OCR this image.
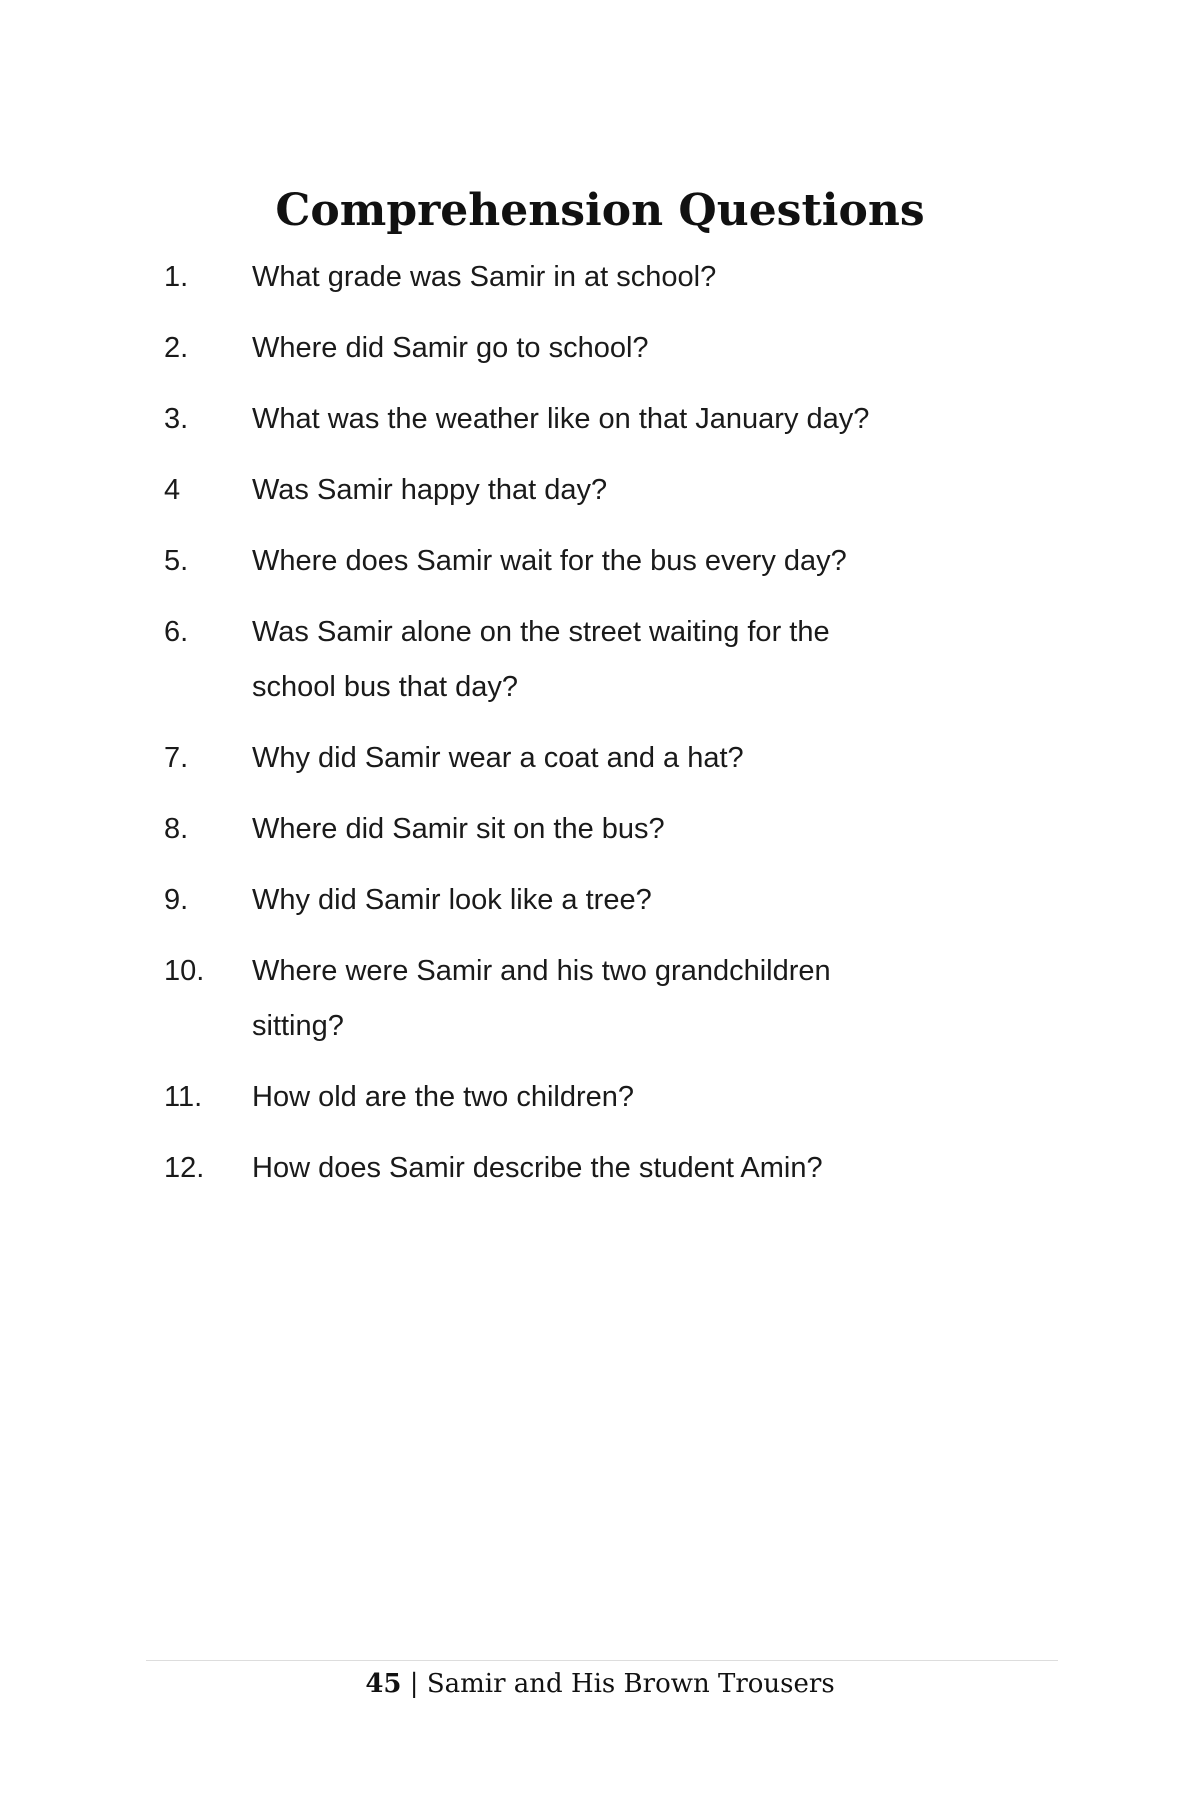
Comprehension Questions
1.	What grade was Samir in at school?
2.	Where did Samir go to school?
3.	What was the weather like on that January day?
4	Was Samir happy that day?
5.	Where does Samir wait for the bus every day?
6.	Was Samir alone on the street waiting for the school bus that day?
7.	Why did Samir wear a coat and a hat?
8.	Where did Samir sit on the bus?
9.	Why did Samir look like a tree?
10.	Where were Samir and his two grandchildren sitting?
11.	How old are the two children?
12.	How does Samir describe the student Amin?
45 | Samir and His Brown Trousers
